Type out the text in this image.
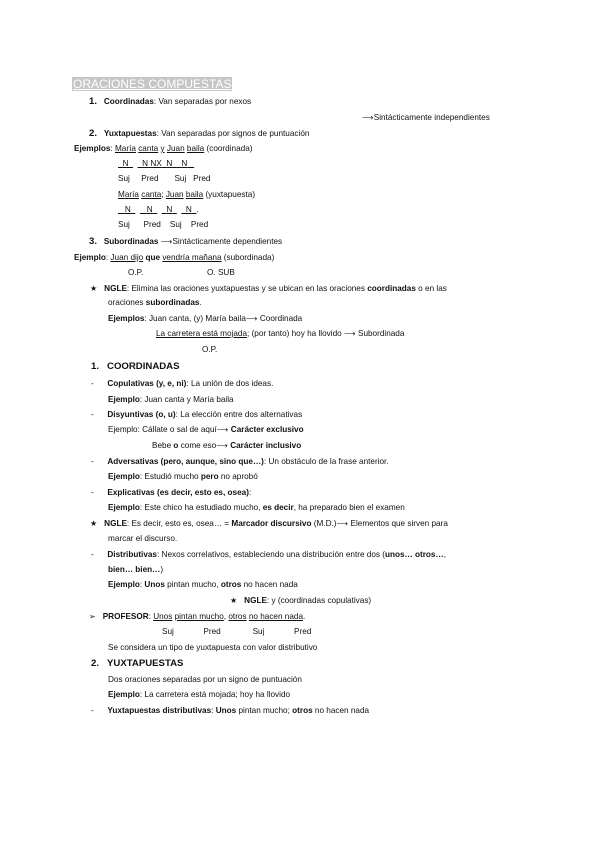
ORACIONES COMPUESTAS
1. Coordinadas: Van separadas por nexos
⟶Sintácticamente independientes
2. Yuxtapuestas: Van separadas por signos de puntuación
Ejemplos: María canta y Juan baila (coordinada)
N N NX N N
Suj Pred Suj Pred
María canta; Juan baila (yuxtapuesta)
N N N N .
Suj Pred Suj Pred
3. Subordinadas ⟶Sintácticamente dependientes
Ejemplo: Juan dijo que vendría mañana (subordinada)
O.P.	O. SUB
★ NGLE: Elimina las oraciones yuxtapuestas y se ubican en las oraciones coordinadas o en las
oraciones subordinadas.
Ejemplos: Juan canta, (y) María baila⟶ Coordinada
La carretera está mojada; (por tanto) hoy ha llovido ⟶ Subordinada
O.P.
1. COORDINADAS
- Copulativas (y, e, ni): La unión de dos ideas.
Ejemplo: Juan canta y María baila
- Disyuntivas (o, u): La elección entre dos alternativas
Ejemplo: Cállate o sal de aquí⟶ Carácter exclusivo
Bebe o come eso⟶ Carácter inclusivo
- Adversativas (pero, aunque, sino que…): Un obstáculo de la frase anterior.
Ejemplo: Estudió mucho pero no aprobó
- Explicativas (es decir, esto es, osea):
Ejemplo: Este chico ha estudiado mucho, es decir, ha preparado bien el examen
★ NGLE: Es decir, esto es, osea… = Marcador discursivo (M.D.)⟶ Elementos que sirven para
marcar el discurso.
- Distributivas: Nexos correlativos, estableciendo una distribución entre dos (unos… otros…,
bien… bien…)
Ejemplo: Unos pintan mucho, otros no hacen nada
★ NGLE: y (coordinadas copulativas)
➢ PROFESOR: Unos pintan mucho, otros no hacen nada.
Suj	Pred	Suj	Pred
Se considera un tipo de yuxtapuesta con valor distributivo
2. YUXTAPUESTAS
Dos oraciones separadas por un signo de puntuación
Ejemplo: La carretera está mojada; hoy ha llovido
- Yuxtapuestas distributivas: Unos pintan mucho; otros no hacen nada
